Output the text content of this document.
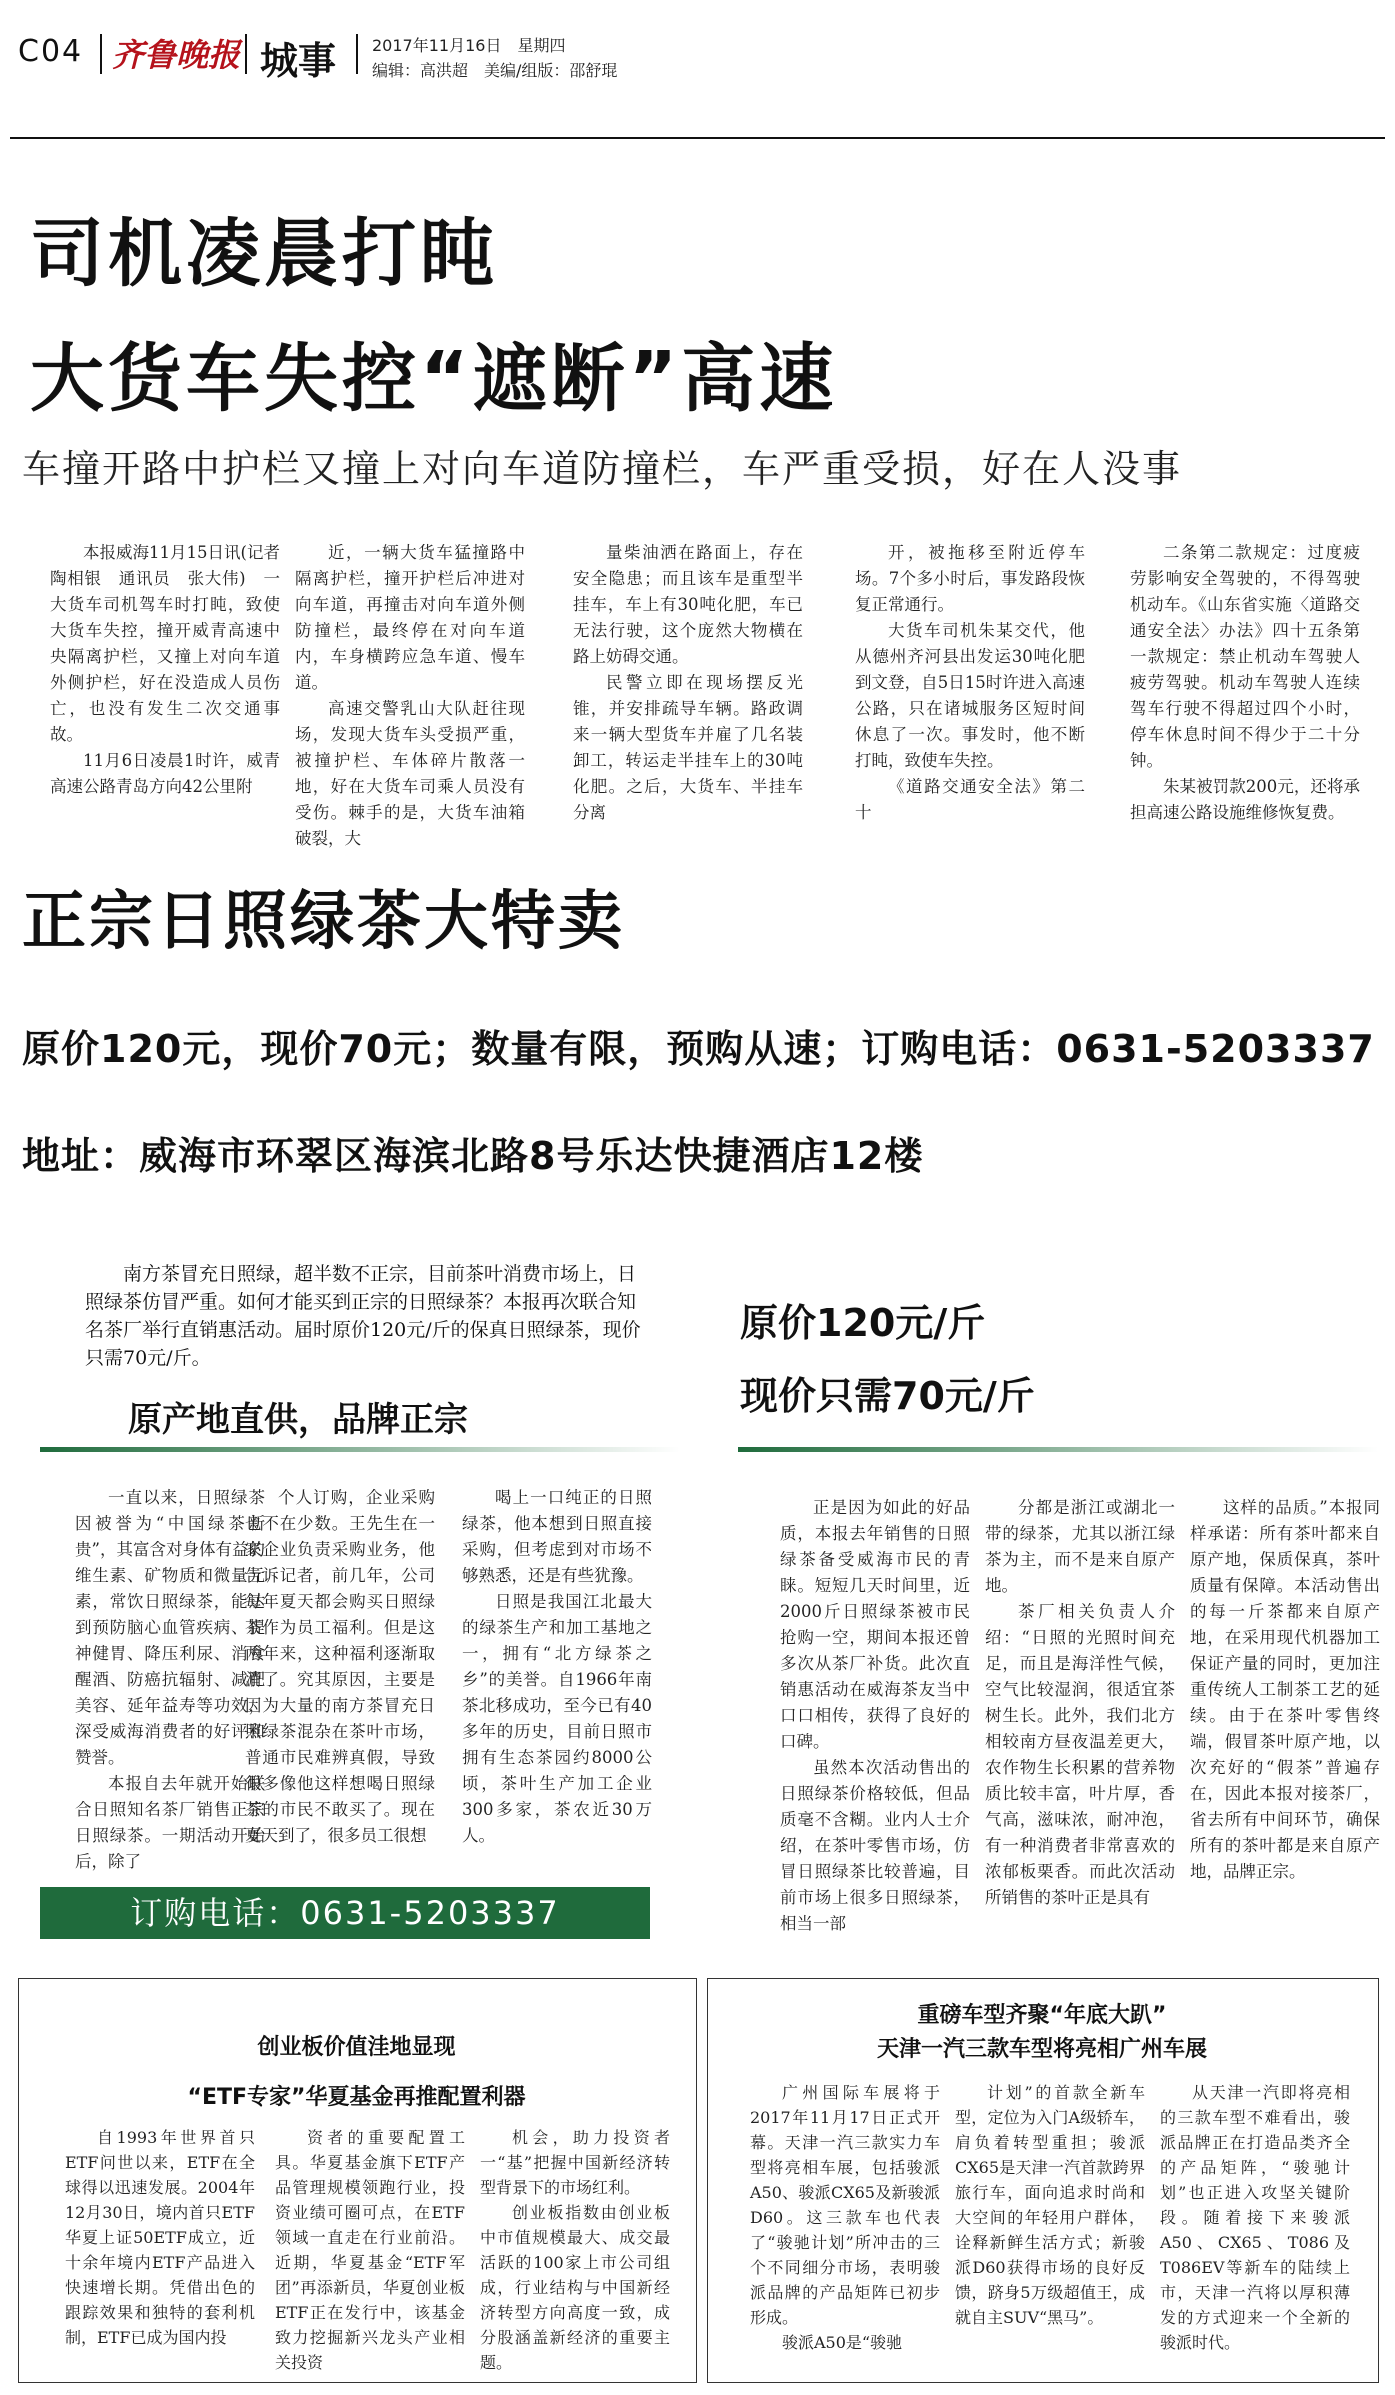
C04 齐鲁晚报 城事 2017年11月16日　星期四
编辑：高洪超　美编/组版：邵舒琨
司机凌晨打盹
大货车失控“遮断”高速
车撞开路中护栏又撞上对向车道防撞栏，车严重受损，好在人没事

本报威海11月15日讯(记者　陶相银　通讯员　张大伟)　一大货车司机驾车时打盹，致使大货车失控，撞开威青高速中央隔离护栏，又撞上对向车道外侧护栏，好在没造成人员伤亡，也没有发生二次交通事故。

11月6日凌晨1时许，威青高速公路青岛方向42公里附

近，一辆大货车猛撞路中隔离护栏，撞开护栏后冲进对向车道，再撞击对向车道外侧防撞栏，最终停在对向车道内，车身横跨应急车道、慢车道。

高速交警乳山大队赶往现场，发现大货车头受损严重，被撞护栏、车体碎片散落一地，好在大货车司乘人员没有受伤。棘手的是，大货车油箱破裂，大

量柴油洒在路面上，存在安全隐患；而且该车是重型半挂车，车上有30吨化肥，车已无法行驶，这个庞然大物横在路上妨碍交通。

民警立即在现场摆反光锥，并安排疏导车辆。路政调来一辆大型货车并雇了几名装卸工，转运走半挂车上的30吨化肥。之后，大货车、半挂车分离

开，被拖移至附近停车场。7个多小时后，事发路段恢复正常通行。

大货车司机朱某交代，他从德州齐河县出发运30吨化肥到文登，自5日15时许进入高速公路，只在诸城服务区短时间休息了一次。事发时，他不断打盹，致使车失控。

《道路交通安全法》第二十

二条第二款规定：过度疲劳影响安全驾驶的，不得驾驶机动车。《山东省实施〈道路交通安全法〉办法》四十五条第一款规定：禁止机动车驾驶人疲劳驾驶。机动车驾驶人连续驾车行驶不得超过四个小时，停车休息时间不得少于二十分钟。

朱某被罚款200元，还将承担高速公路设施维修恢复费。

正宗日照绿茶大特卖
原价120元，现价70元；数量有限，预购从速；订购电话：0631-5203337
地址：威海市环翠区海滨北路8号乐达快捷酒店12楼
南方茶冒充日照绿，超半数不正宗，目前茶叶消费市场上，日照绿茶仿冒严重。如何才能买到正宗的日照绿茶？本报再次联合知名茶厂举行直销惠活动。届时原价120元/斤的保真日照绿茶，现价只需70元/斤。
原价120元/斤
现价只需70元/斤
原产地直供，品牌正宗

一直以来，日照绿茶因被誉为“中国绿茶新贵”，其富含对身体有益的维生素、矿物质和微量元素，常饮日照绿茶，能达到预防脑心血管疾病、提神健胃、降压利尿、消食醒酒、防癌抗辐射、减肥美容、延年益寿等功效，深受威海消费者的好评和赞誉。

本报自去年就开始联合日照知名茶厂销售正宗日照绿茶。一期活动开始后，除了

个人订购，企业采购也不在少数。王先生在一家企业负责采购业务，他告诉记者，前几年，公司每年夏天都会购买日照绿茶作为员工福利。但是这两年来，这种福利逐渐取消了。究其原因，主要是因为大量的南方茶冒充日照绿茶混杂在茶叶市场，普通市民难辨真假，导致很多像他这样想喝日照绿茶的市民不敢买了。现在夏天到了，很多员工很想

喝上一口纯正的日照绿茶，他本想到日照直接采购，但考虑到对市场不够熟悉，还是有些犹豫。

日照是我国江北最大的绿茶生产和加工基地之一，拥有“北方绿茶之乡”的美誉。自1966年南茶北移成功，至今已有40多年的历史，目前日照市拥有生态茶园约8000公顷，茶叶生产加工企业300多家，茶农近30万人。

正是因为如此的好品质，本报去年销售的日照绿茶备受威海市民的青睐。短短几天时间里，近2000斤日照绿茶被市民抢购一空，期间本报还曾多次从茶厂补货。此次直销惠活动在威海茶友当中口口相传，获得了良好的口碑。

虽然本次活动售出的日照绿茶价格较低，但品质毫不含糊。业内人士介绍，在茶叶零售市场，仿冒日照绿茶比较普遍，目前市场上很多日照绿茶，相当一部

分都是浙江或湖北一带的绿茶，尤其以浙江绿茶为主，而不是来自原产地。

茶厂相关负责人介绍：“日照的光照时间充足，而且是海洋性气候，空气比较湿润，很适宜茶树生长。此外，我们北方相较南方昼夜温差更大，农作物生长积累的营养物质比较丰富，叶片厚，香气高，滋味浓，耐冲泡，有一种消费者非常喜欢的浓郁板栗香。而此次活动所销售的茶叶正是具有

这样的品质。”本报同样承诺：所有茶叶都来自原产地，保质保真，茶叶质量有保障。本活动售出的每一斤茶都来自原产地，在采用现代机器加工保证产量的同时，更加注重传统人工制茶工艺的延续。由于在茶叶零售终端，假冒茶叶原产地，以次充好的“假茶”普遍存在，因此本报对接茶厂，省去所有中间环节，确保所有的茶叶都是来自原产地，品牌正宗。

订购电话：0631-5203337
创业板价值洼地显现
“ETF专家”华夏基金再推配置利器

自1993年世界首只ETF问世以来，ETF在全球得以迅速发展。2004年12月30日，境内首只ETF华夏上证50ETF成立，近十余年境内ETF产品进入快速增长期。凭借出色的跟踪效果和独特的套利机制，ETF已成为国内投

资者的重要配置工具。华夏基金旗下ETF产品管理规模领跑行业，投资业绩可圈可点，在ETF领域一直走在行业前沿。近期，华夏基金“ETF军团”再添新员，华夏创业板ETF正在发行中，该基金致力挖掘新兴龙头产业相关投资

机会，助力投资者一“基”把握中国新经济转型背景下的市场红利。

创业板指数由创业板中市值规模最大、成交最活跃的100家上市公司组成，行业结构与中国新经济转型方向高度一致，成分股涵盖新经济的重要主题。

重磅车型齐聚“年底大趴”
天津一汽三款车型将亮相广州车展

广州国际车展将于2017年11月17日正式开幕。天津一汽三款实力车型将亮相车展，包括骏派A50、骏派CX65及新骏派D60。这三款车也代表了“骏驰计划”所冲击的三个不同细分市场，表明骏派品牌的产品矩阵已初步形成。

骏派A50是“骏驰

计划”的首款全新车型，定位为入门A级轿车，肩负着转型重担；骏派CX65是天津一汽首款跨界旅行车，面向追求时尚和大空间的年轻用户群体，诠释新鲜生活方式；新骏派D60获得市场的良好反馈，跻身5万级超值王，成就自主SUV“黑马”。

从天津一汽即将亮相的三款车型不难看出，骏派品牌正在打造品类齐全的产品矩阵，“骏驰计划”也正进入攻坚关键阶段。随着接下来骏派A50、CX65、T086及T086EV等新车的陆续上市，天津一汽将以厚积薄发的方式迎来一个全新的骏派时代。
